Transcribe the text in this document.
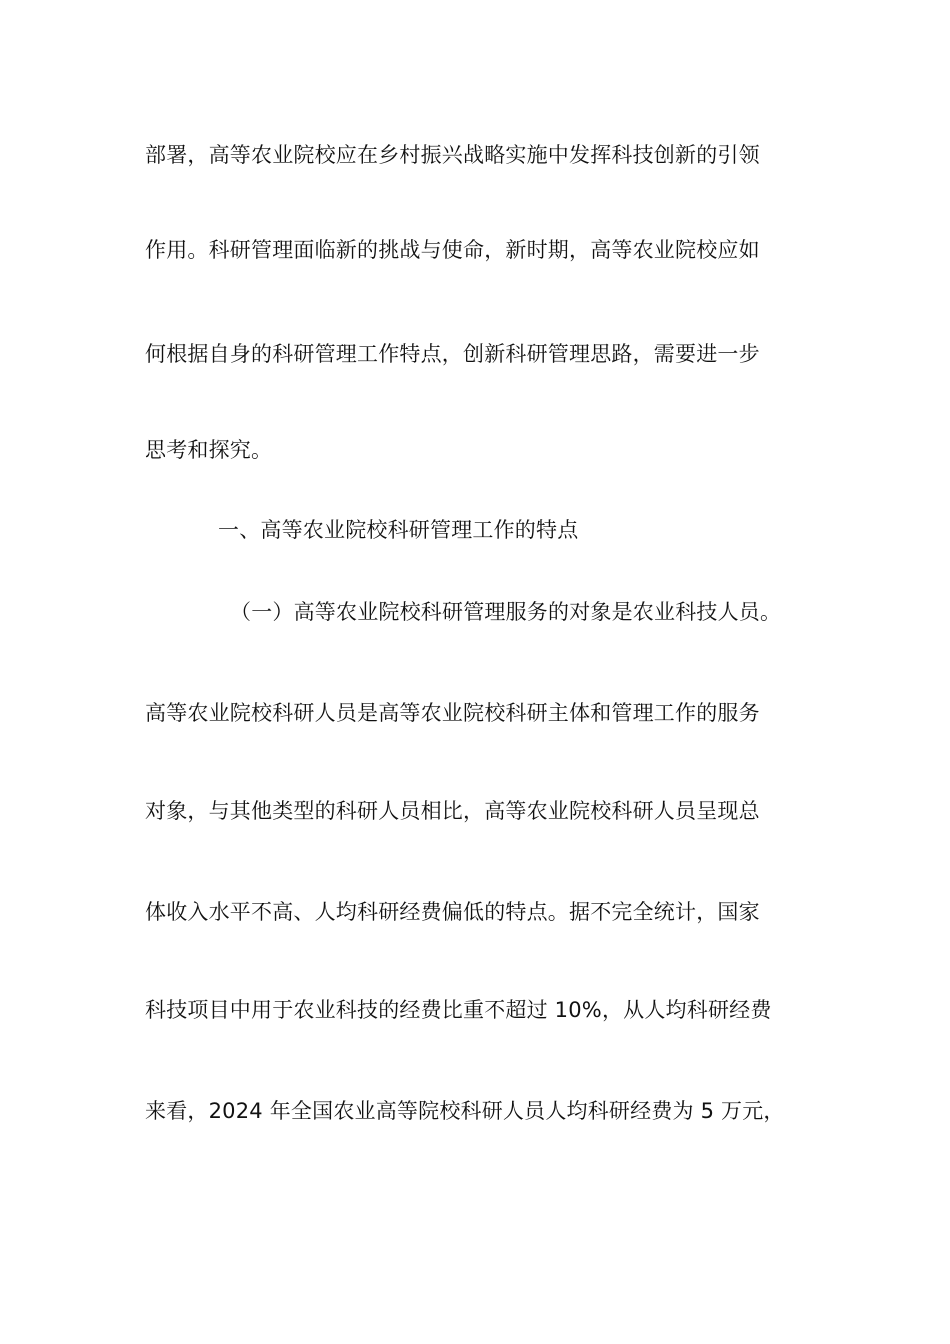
部署，高等农业院校应在乡村振兴战略实施中发挥科技创新的引领
作用。科研管理面临新的挑战与使命，新时期，高等农业院校应如
何根据自身的科研管理工作特点，创新科研管理思路，需要进一步
思考和探究。
一、高等农业院校科研管理工作的特点
（一）高等农业院校科研管理服务的对象是农业科技人员。
高等农业院校科研人员是高等农业院校科研主体和管理工作的服务
对象，与其他类型的科研人员相比，高等农业院校科研人员呈现总
体收入水平不高、人均科研经费偏低的特点。据不完全统计，国家
科技项目中用于农业科技的经费比重不超过 10%，从人均科研经费
来看，2024 年全国农业高等院校科研人员人均科研经费为 5 万元，
